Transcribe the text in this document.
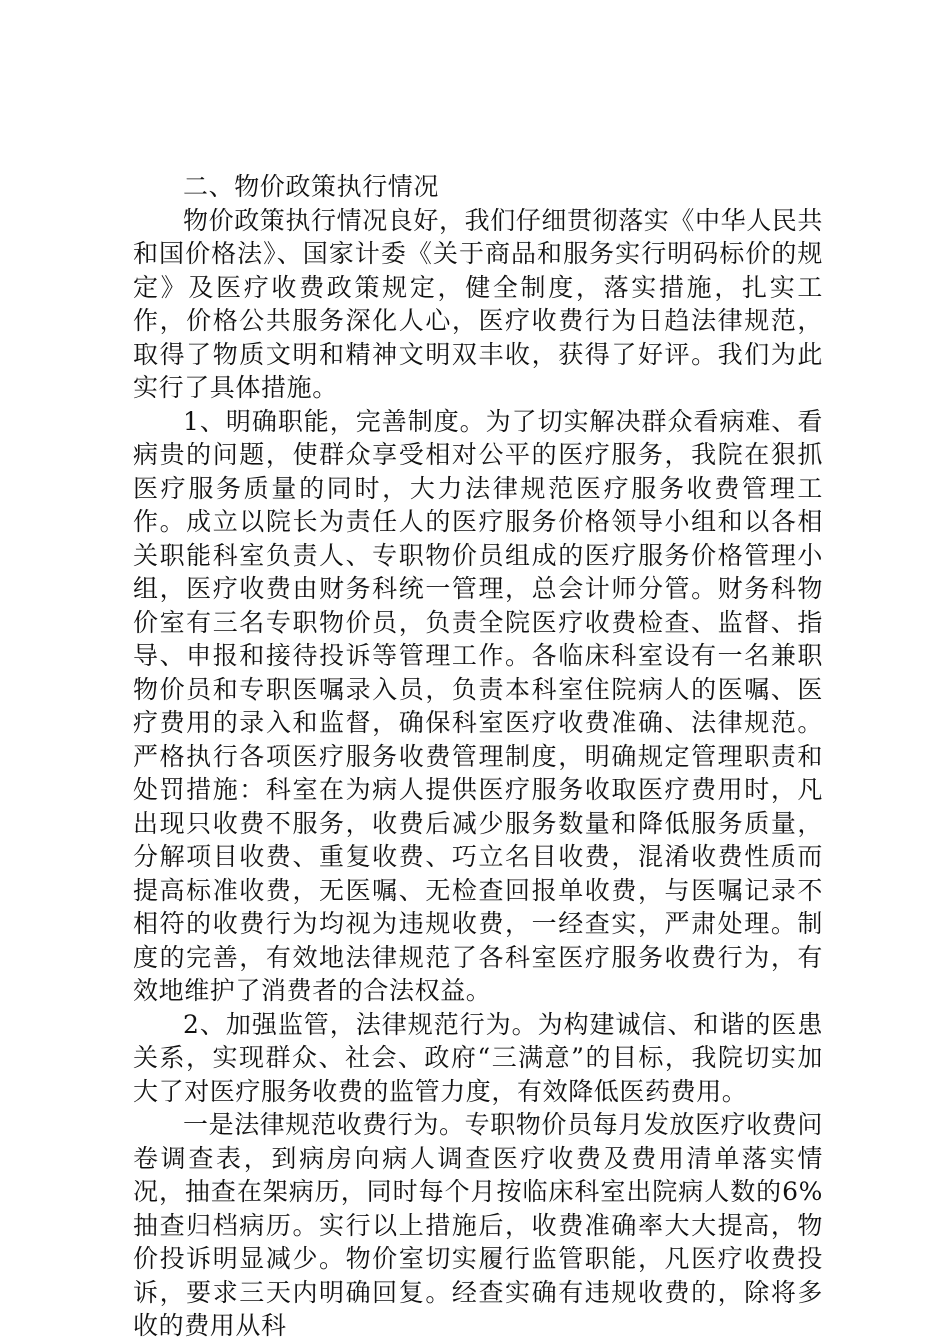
二、物价政策执行情况

物价政策执行情况良好，我们仔细贯彻落实《中华人民共和国价格法》、国家计委《关于商品和服务实行明码标价的规定》及医疗收费政策规定，健全制度，落实措施，扎实工作，价格公共服务深化人心，医疗收费行为日趋法律规范，取得了物质文明和精神文明双丰收，获得了好评。我们为此实行了具体措施。

1、明确职能，完善制度。为了切实解决群众看病难、看病贵的问题，使群众享受相对公平的医疗服务，我院在狠抓医疗服务质量的同时，大力法律规范医疗服务收费管理工作。成立以院长为责任人的医疗服务价格领导小组和以各相关职能科室负责人、专职物价员组成的医疗服务价格管理小组，医疗收费由财务科统一管理，总会计师分管。财务科物价室有三名专职物价员，负责全院医疗收费检查、监督、指导、申报和接待投诉等管理工作。各临床科室设有一名兼职物价员和专职医嘱录入员，负责本科室住院病人的医嘱、医疗费用的录入和监督，确保科室医疗收费准确、法律规范。严格执行各项医疗服务收费管理制度，明确规定管理职责和处罚措施：科室在为病人提供医疗服务收取医疗费用时，凡出现只收费不服务，收费后减少服务数量和降低服务质量，分解项目收费、重复收费、巧立名目收费，混淆收费性质而提高标准收费，无医嘱、无检查回报单收费，与医嘱记录不相符的收费行为均视为违规收费，一经查实，严肃处理。制度的完善，有效地法律规范了各科室医疗服务收费行为，有效地维护了消费者的合法权益。

2、加强监管，法律规范行为。为构建诚信、和谐的医患关系，实现群众、社会、政府“三满意”的目标，我院切实加大了对医疗服务收费的监管力度，有效降低医药费用。

一是法律规范收费行为。专职物价员每月发放医疗收费问卷调查表，到病房向病人调查医疗收费及费用清单落实情况，抽查在架病历，同时每个月按临床科室出院病人数的6%抽查归档病历。实行以上措施后，收费准确率大大提高，物价投诉明显减少。物价室切实履行监管职能，凡医疗收费投诉，要求三天内明确回复。经查实确有违规收费的，除将多收的费用从科
